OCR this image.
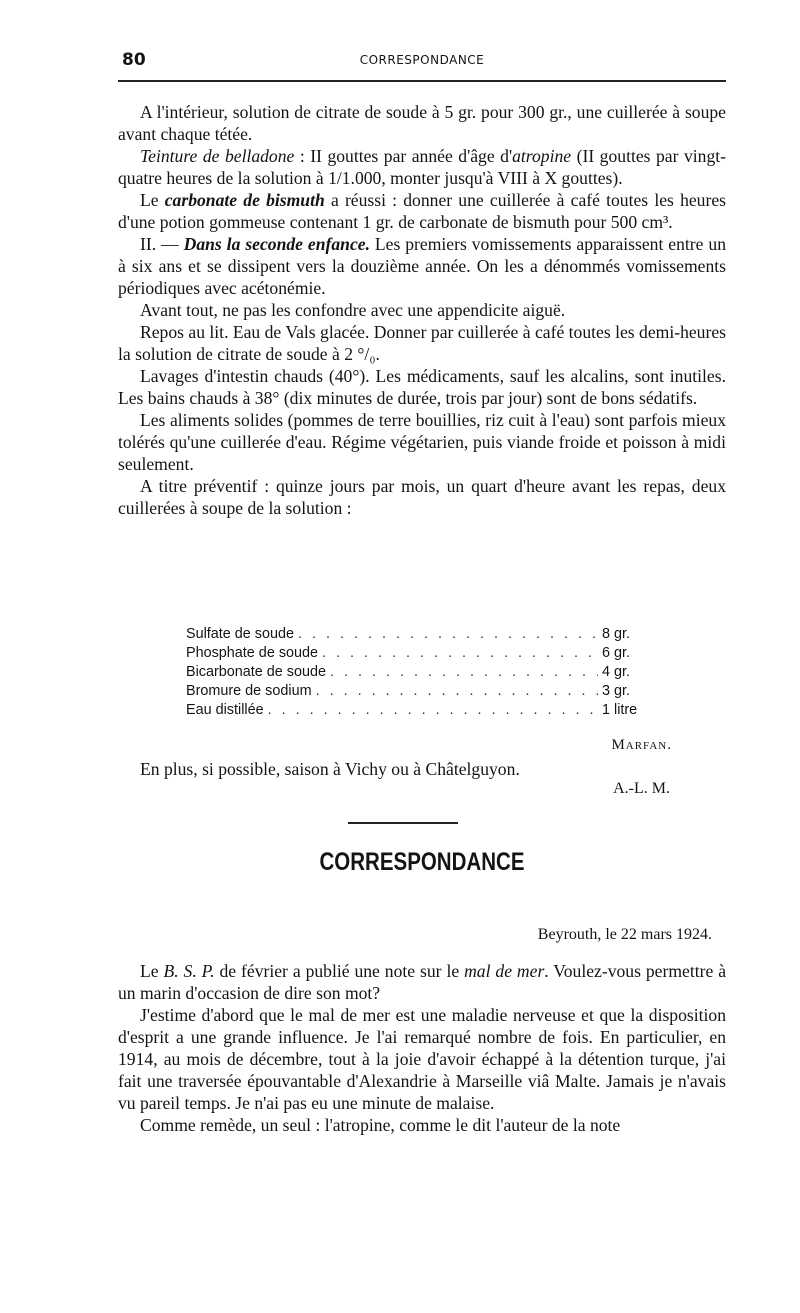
80	CORRESPONDANCE

A l'intérieur, solution de citrate de soude à 5 gr. pour 300 gr., une cuillerée à soupe avant chaque tétée.

Teinture de belladone : II gouttes par année d'âge d'atropine (II gouttes par vingt-quatre heures de la solution à 1/1.000, monter jusqu'à VIII à X gouttes).

Le carbonate de bismuth a réussi : donner une cuillerée à café toutes les heures d'une potion gommeuse contenant 1 gr. de carbonate de bismuth pour 500 cm³.

II. — Dans la seconde enfance. Les premiers vomissements apparaissent entre un à six ans et se dissipent vers la douzième année. On les a dénommés vomissements périodiques avec acétonémie.

Avant tout, ne pas les confondre avec une appendicite aiguë.

Repos au lit. Eau de Vals glacée. Donner par cuillerée à café toutes les demi-heures la solution de citrate de soude à 2 °/₀.

Lavages d'intestin chauds (40°). Les médicaments, sauf les alcalins, sont inutiles. Les bains chauds à 38° (dix minutes de durée, trois par jour) sont de bons sédatifs.

Les aliments solides (pommes de terre bouillies, riz cuit à l'eau) sont parfois mieux tolérés qu'une cuillerée d'eau. Régime végétarien, puis viande froide et poisson à midi seulement.

A titre préventif : quinze jours par mois, un quart d'heure avant les repas, deux cuillerées à soupe de la solution :

Sulfate de soude . . .	8 gr.
Phosphate de soude . . .	6 gr.
Bicarbonate de soude . . .	4 gr.
Bromure de sodium . . .	3 gr.
Eau distillée . . .	1 litre
Marfan.
En plus, si possible, saison à Vichy ou à Châtelguyon.
A.-L. M.
CORRESPONDANCE
Beyrouth, le 22 mars 1924.

Le B. S. P. de février a publié une note sur le mal de mer. Voulez-vous permettre à un marin d'occasion de dire son mot?

J'estime d'abord que le mal de mer est une maladie nerveuse et que la disposition d'esprit a une grande influence. Je l'ai remarqué nombre de fois. En particulier, en 1914, au mois de décembre, tout à la joie d'avoir échappé à la détention turque, j'ai fait une traversée épouvantable d'Alexandrie à Marseille viâ Malte. Jamais je n'avais vu pareil temps. Je n'ai pas eu une minute de malaise.

Comme remède, un seul : l'atropine, comme le dit l'auteur de la note
